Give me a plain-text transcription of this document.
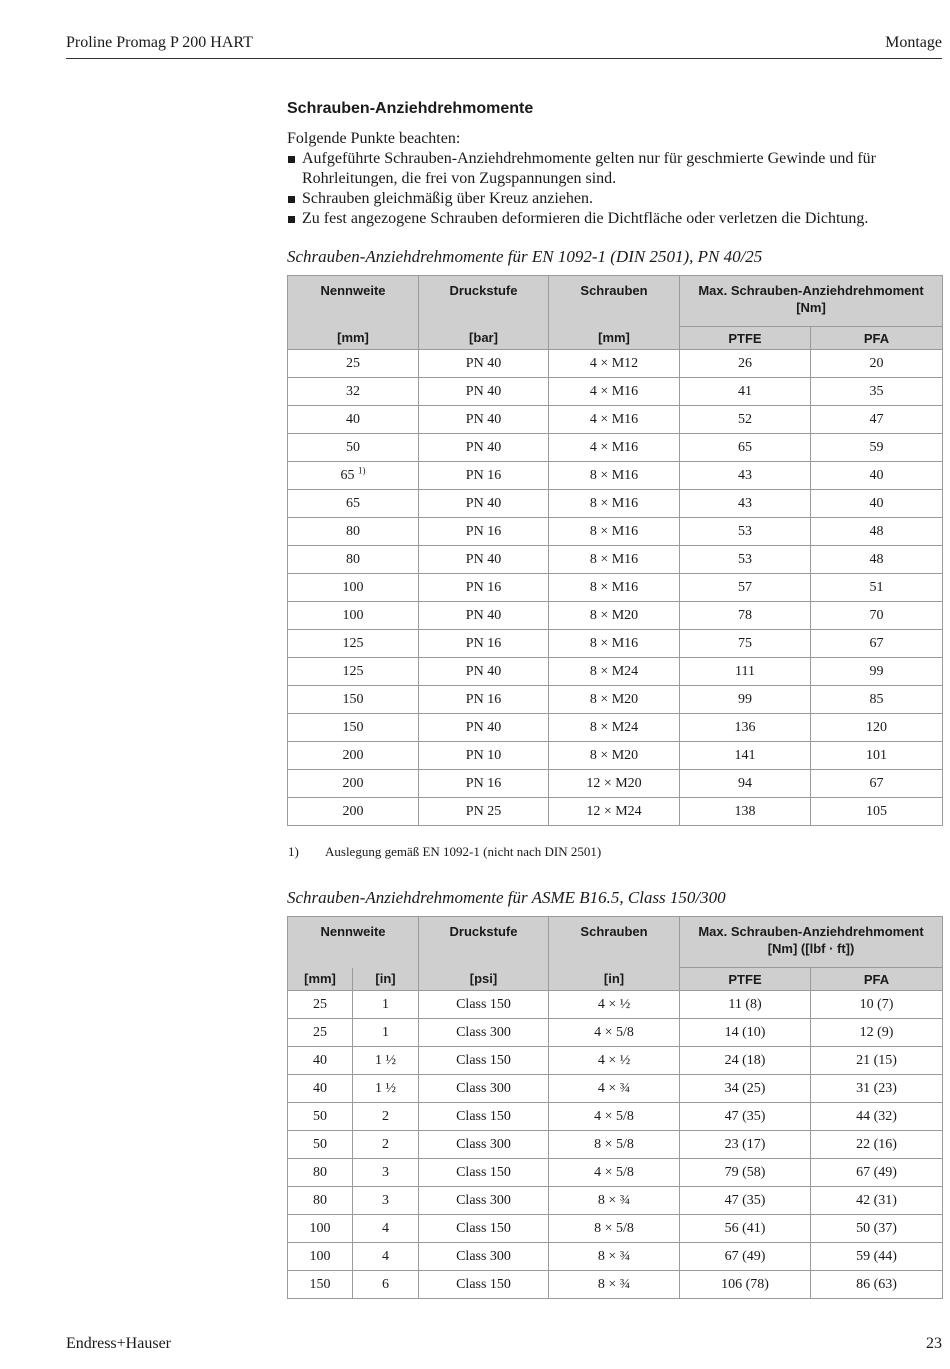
Proline Promag P 200 HART	Montage
Schrauben-Anziehdrehmomente

Folgende Punkte beachten:

Aufgeführte Schrauben-Anziehdrehmomente gelten nur für geschmierte Gewinde und für Rohrleitungen, die frei von Zugspannungen sind.
Schrauben gleichmäßig über Kreuz anziehen.
Zu fest angezogene Schrauben deformieren die Dichtfläche oder verletzen die Dichtung.

Schrauben-Anziehdrehmomente für EN 1092-1 (DIN 2501), PN 40/25

Nennweite	Druckstufe	Schrauben	Max. Schrauben-Anziehdrehmoment [Nm]	
[mm]	[bar]	[mm]	PTFE	PFA
25	PN 40	4 × M12	26	20
32	PN 40	4 × M16	41	35
40	PN 40	4 × M16	52	47
50	PN 40	4 × M16	65	59
65 $^{1)}$	PN 16	8 × M16	43	40
65	PN 40	8 × M16	43	40
80	PN 16	8 × M16	53	48
80	PN 40	8 × M16	53	48
100	PN 16	8 × M16	57	51
100	PN 40	8 × M20	78	70
125	PN 16	8 × M16	75	67
125	PN 40	8 × M24	111	99
150	PN 16	8 × M20	99	85
150	PN 40	8 × M24	136	120
200	PN 10	8 × M20	141	101
200	PN 16	12 × M20	94	67
200	PN 25	12 × M24	138	105
1) Auslegung gemäß EN 1092-1 (nicht nach DIN 2501)

Schrauben-Anziehdrehmomente für ASME B16.5, Class 150/300

Nennweite		Druckstufe	Schrauben	Max. Schrauben-Anziehdrehmoment [Nm] ([lbf · ft])	
[mm]	[in]	[psi]	[in]	PTFE	PFA
25	1	Class 150	4 × ½	11 (8)	10 (7)
25	1	Class 300	4 × 5/8	14 (10)	12 (9)
40	1 ½	Class 150	4 × ½	24 (18)	21 (15)
40	1 ½	Class 300	4 × ¾	34 (25)	31 (23)
50	2	Class 150	4 × 5/8	47 (35)	44 (32)
50	2	Class 300	8 × 5/8	23 (17)	22 (16)
80	3	Class 150	4 × 5/8	79 (58)	67 (49)
80	3	Class 300	8 × ¾	47 (35)	42 (31)
100	4	Class 150	8 × 5/8	56 (41)	50 (37)
100	4	Class 300	8 × ¾	67 (49)	59 (44)
150	6	Class 150	8 × ¾	106 (78)	86 (63)
Endress+Hauser	23
